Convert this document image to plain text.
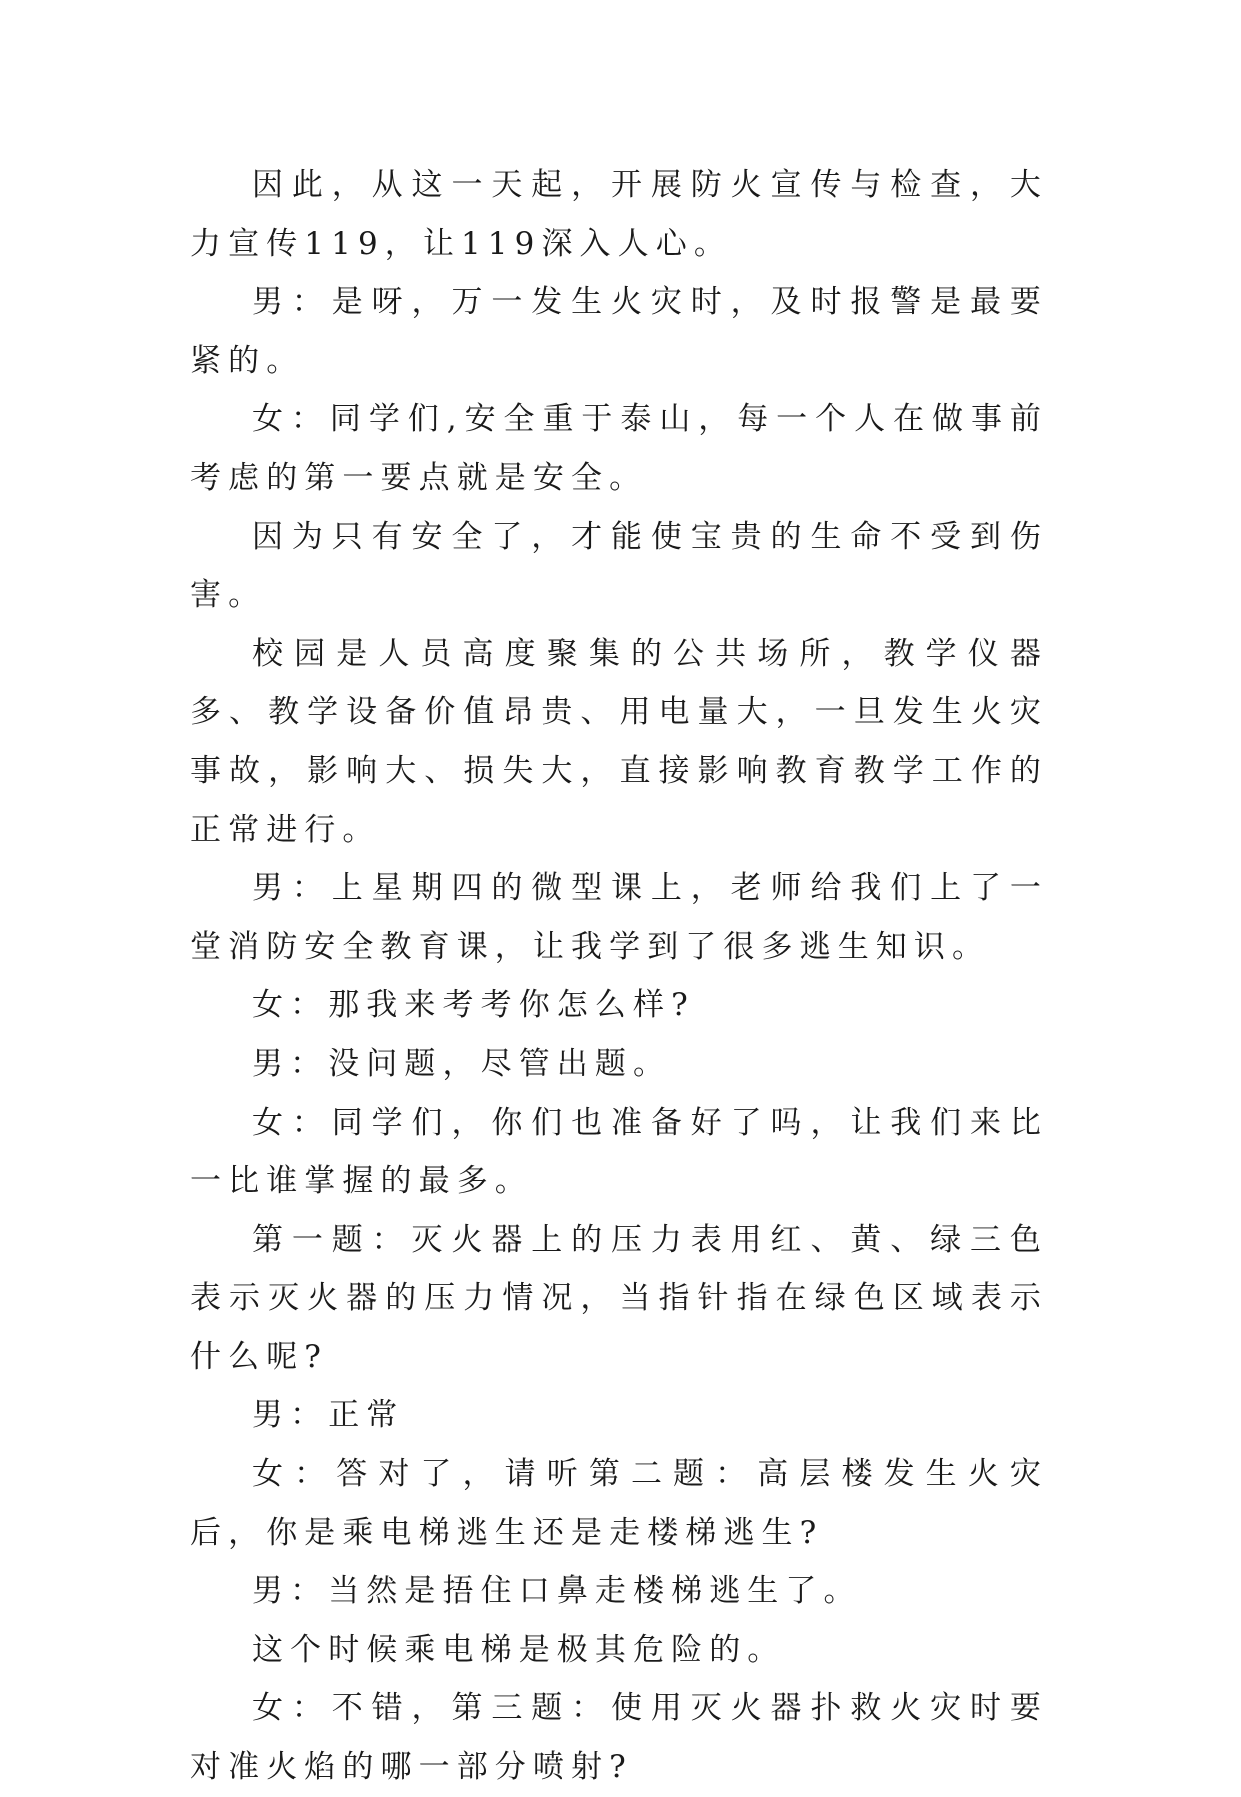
因此，从这一天起，开展防火宣传与检查，大力宣传119，让119深入人心。

男：是呀，万一发生火灾时，及时报警是最要紧的。

女：同学们,安全重于泰山，每一个人在做事前考虑的第一要点就是安全。

因为只有安全了，才能使宝贵的生命不受到伤害。

校园是人员高度聚集的公共场所，教学仪器多、教学设备价值昂贵、用电量大，一旦发生火灾事故，影响大、损失大，直接影响教育教学工作的正常进行。

男：上星期四的微型课上，老师给我们上了一堂消防安全教育课，让我学到了很多逃生知识。

女：那我来考考你怎么样?

男：没问题，尽管出题。

女：同学们，你们也准备好了吗，让我们来比一比谁掌握的最多。

第一题：灭火器上的压力表用红、黄、绿三色表示灭火器的压力情况，当指针指在绿色区域表示什么呢?

男：正常

女：答对了，请听第二题：高层楼发生火灾后，你是乘电梯逃生还是走楼梯逃生?

男：当然是捂住口鼻走楼梯逃生了。

这个时候乘电梯是极其危险的。

女：不错，第三题：使用灭火器扑救火灾时要对准火焰的哪一部分喷射?
